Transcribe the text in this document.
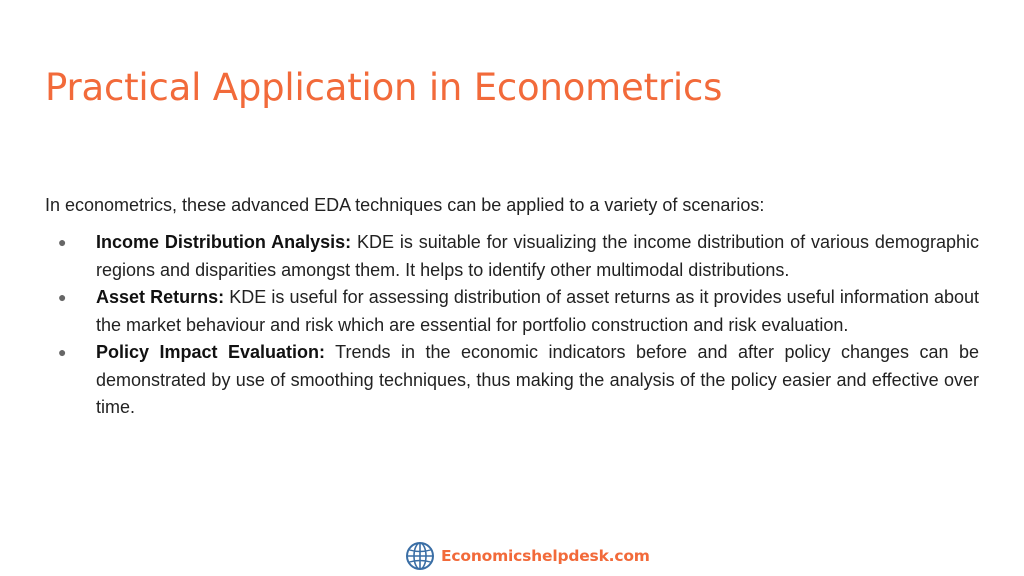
Practical Application in Econometrics

In econometrics, these advanced EDA techniques can be applied to a variety of scenarios:

● Income Distribution Analysis: KDE is suitable for visualizing the income distribution of various demographic regions and disparities amongst them. It helps to identify other multimodal distributions.
● Asset Returns: KDE is useful for assessing distribution of asset returns as it provides useful information about the market behaviour and risk which are essential for portfolio construction and risk evaluation.
● Policy Impact Evaluation: Trends in the economic indicators before and after policy changes can be demonstrated by use of smoothing techniques, thus making the analysis of the policy easier and effective over time.
Economicshelpdesk.com
